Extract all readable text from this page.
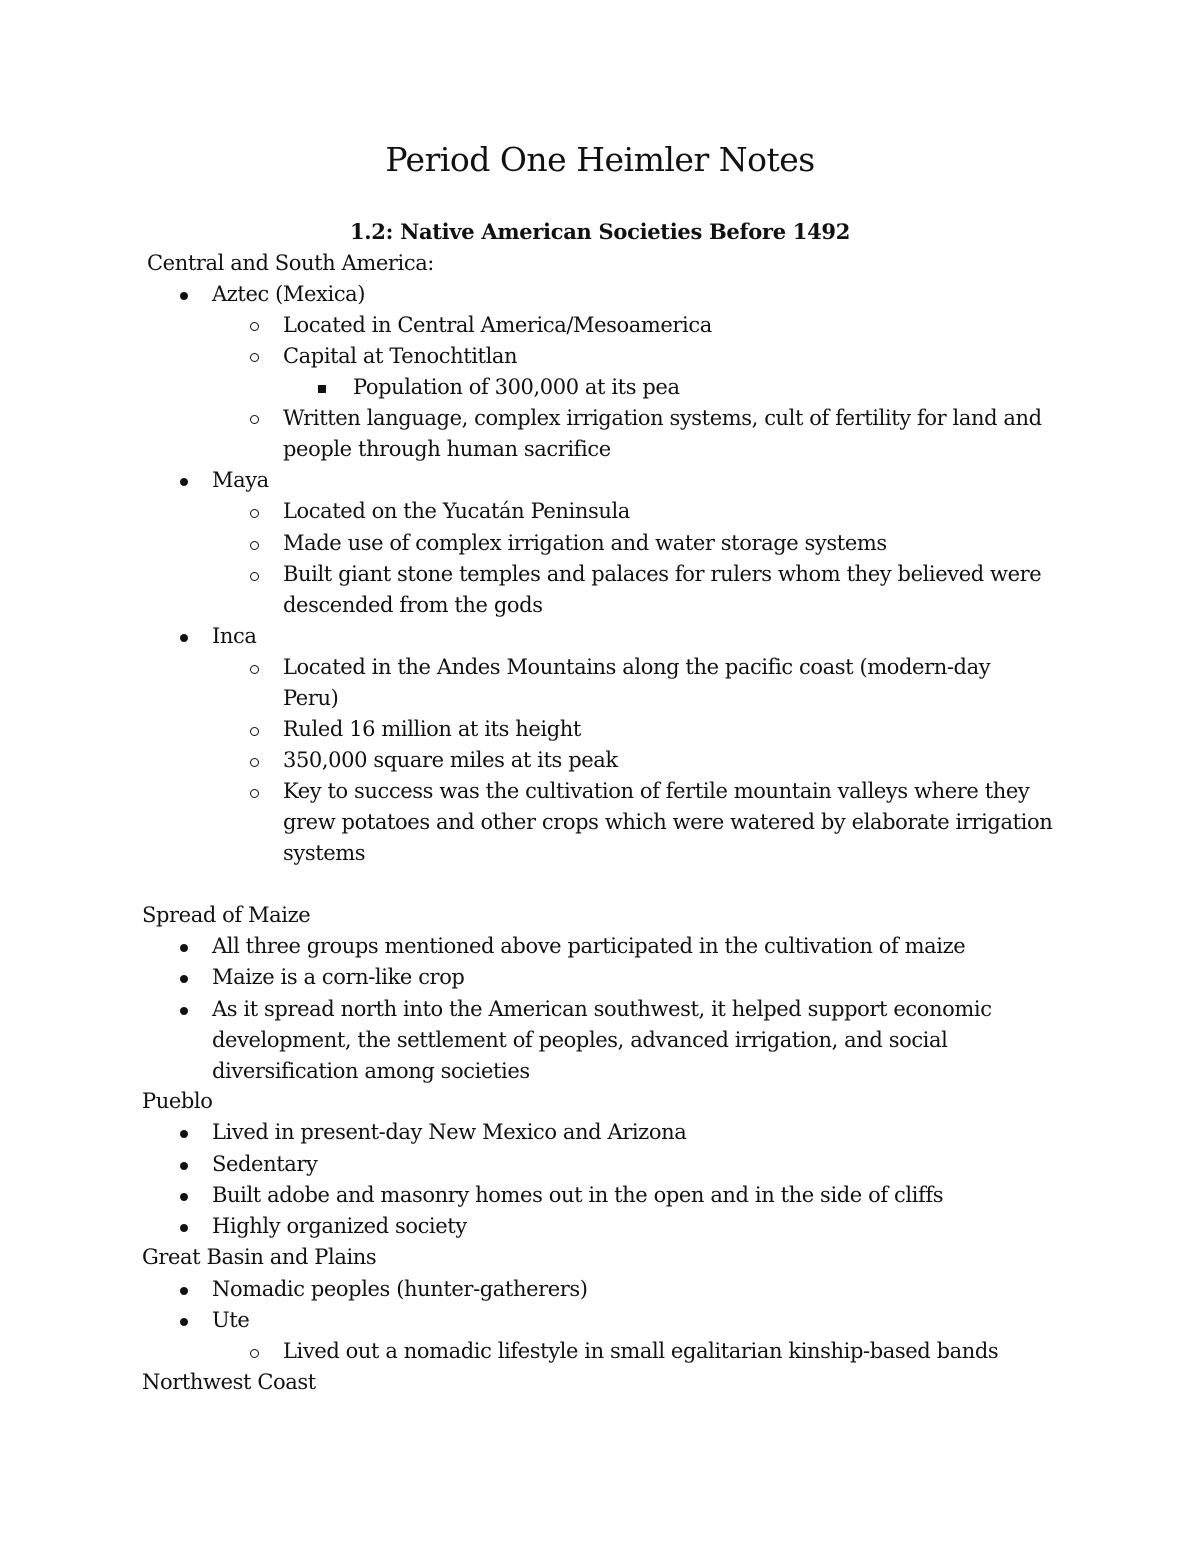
Period One Heimler Notes
1.2: Native American Societies Before 1492
Central and South America:
Aztec (Mexica)
Located in Central America/Mesoamerica
Capital at Tenochtitlan
Population of 300,000 at its pea
Written language, complex irrigation systems, cult of fertility for land and
people through human sacrifice
Maya
Located on the Yucatán Peninsula
Made use of complex irrigation and water storage systems
Built giant stone temples and palaces for rulers whom they believed were
descended from the gods
Inca
Located in the Andes Mountains along the pacific coast (modern-day
Peru)
Ruled 16 million at its height
350,000 square miles at its peak
Key to success was the cultivation of fertile mountain valleys where they
grew potatoes and other crops which were watered by elaborate irrigation
systems
Spread of Maize
All three groups mentioned above participated in the cultivation of maize
Maize is a corn-like crop
As it spread north into the American southwest, it helped support economic
development, the settlement of peoples, advanced irrigation, and social
diversification among societies
Pueblo
Lived in present-day New Mexico and Arizona
Sedentary
Built adobe and masonry homes out in the open and in the side of cliffs
Highly organized society
Great Basin and Plains
Nomadic peoples (hunter-gatherers)
Ute
Lived out a nomadic lifestyle in small egalitarian kinship-based bands
Northwest Coast
